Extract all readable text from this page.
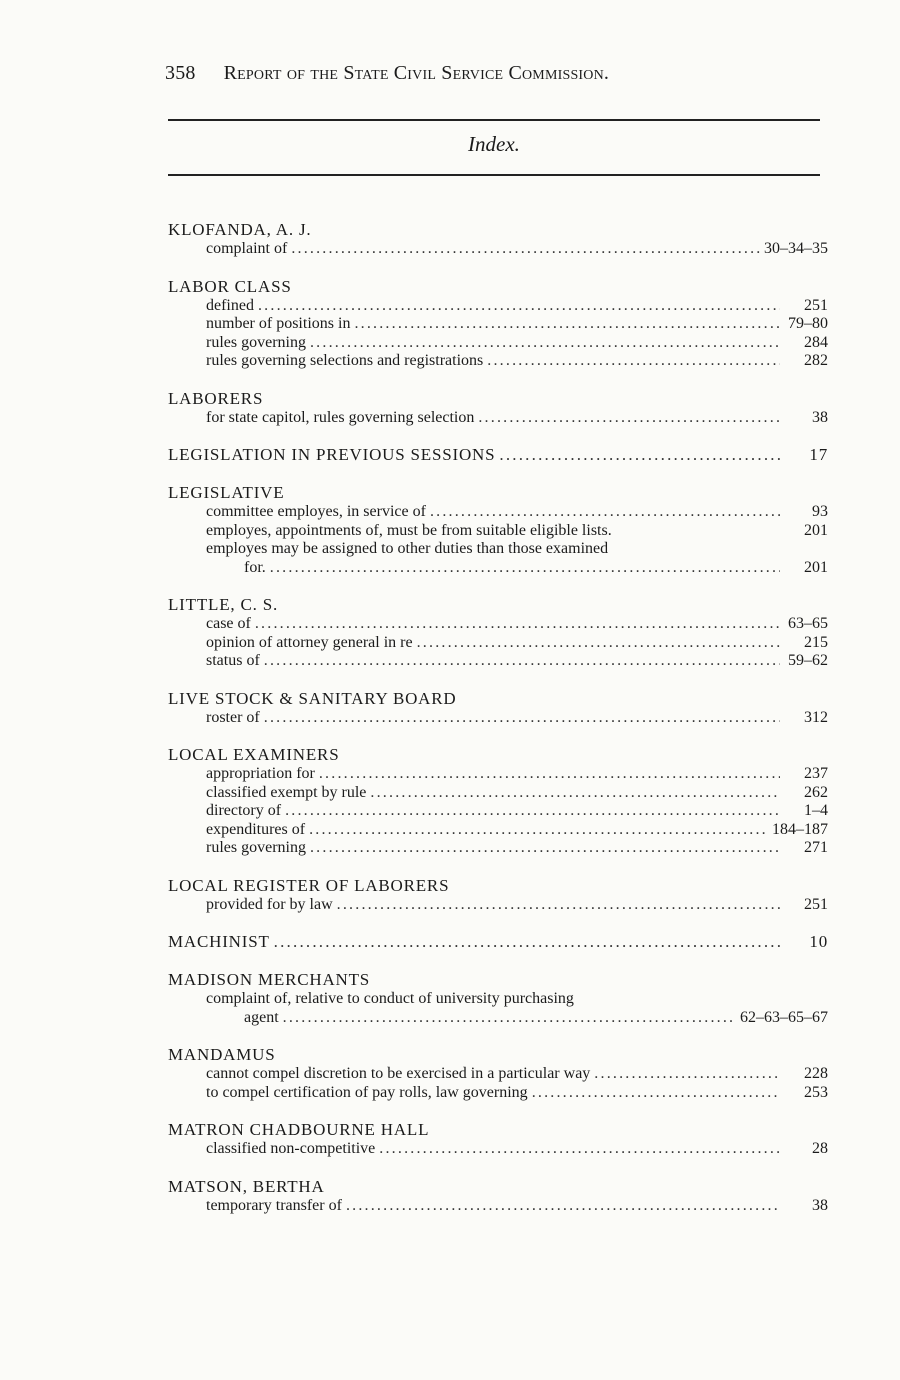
358 Report of the State Civil Service Commission.
Index.
KLOFANDA, A. J.
complaint of .....	30–34–35
LABOR CLASS
defined .....	251
number of positions in .....	79–80
rules governing .....	284
rules governing selections and registrations .....	282
LABORERS
for state capitol, rules governing selection .....	38
LEGISLATION IN PREVIOUS SESSIONS .....	17
LEGISLATIVE
committee employes, in service of .....	93
employes, appointments of, must be from suitable eligible lists.	201
employes may be assigned to other duties than those examined
for. .....	201
LITTLE, C. S.
case of .....	63–65
opinion of attorney general in re .....	215
status of .....	59–62
LIVE STOCK & SANITARY BOARD
roster of .....	312
LOCAL EXAMINERS
appropriation for .....	237
classified exempt by rule .....	262
directory of .....	1–4
expenditures of .....	184–187
rules governing .....	271
LOCAL REGISTER OF LABORERS
provided for by law .....	251
MACHINIST .....	10
MADISON MERCHANTS
complaint of, relative to conduct of university purchasing
agent .....	62–63–65–67
MANDAMUS
cannot compel discretion to be exercised in a particular way .....	228
to compel certification of pay rolls, law governing .....	253
MATRON CHADBOURNE HALL
classified non-competitive .....	28
MATSON, BERTHA
temporary transfer of .....	38
